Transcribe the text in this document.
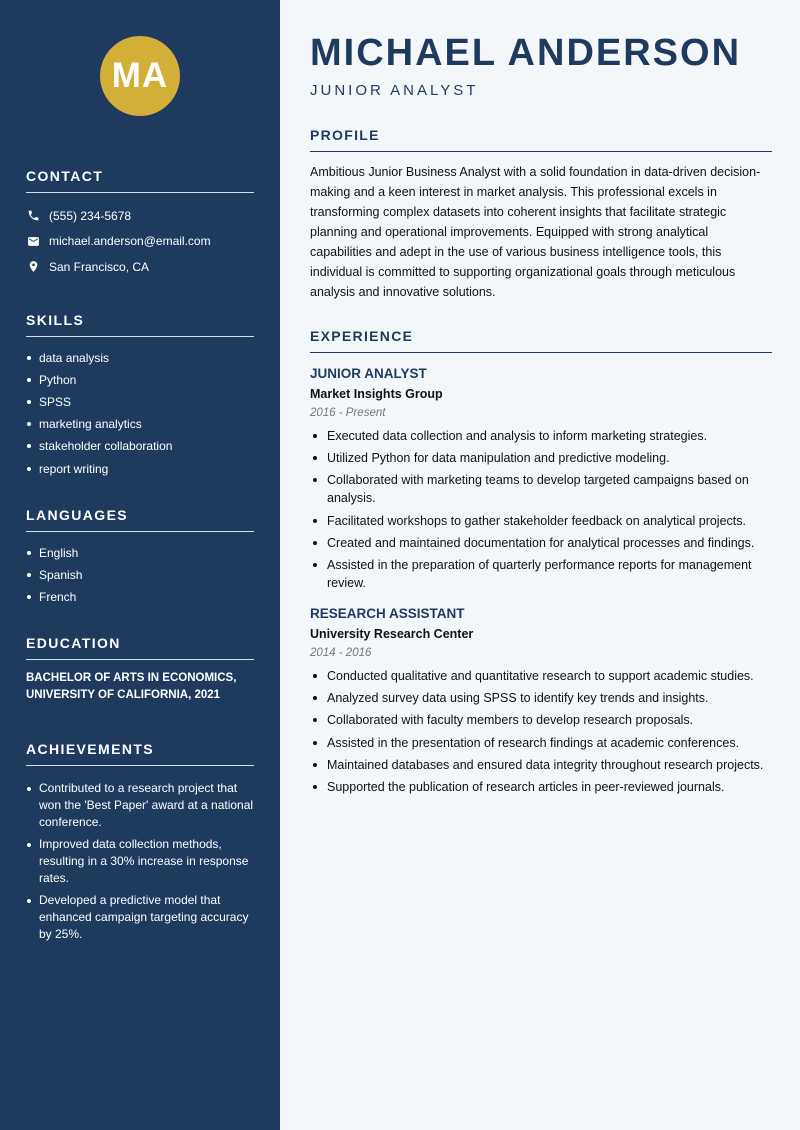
MA
CONTACT
(555) 234-5678
michael.anderson@email.com
San Francisco, CA
SKILLS
data analysis
Python
SPSS
marketing analytics
stakeholder collaboration
report writing
LANGUAGES
English
Spanish
French
EDUCATION
BACHELOR OF ARTS IN ECONOMICS,
UNIVERSITY OF CALIFORNIA, 2021
ACHIEVEMENTS
Contributed to a research project that won the 'Best Paper' award at a national conference.
Improved data collection methods, resulting in a 30% increase in response rates.
Developed a predictive model that enhanced campaign targeting accuracy by 25%.
MICHAEL ANDERSON
JUNIOR ANALYST
PROFILE

Ambitious Junior Business Analyst with a solid foundation in data-driven decision-making and a keen interest in market analysis. This professional excels in transforming complex datasets into coherent insights that facilitate strategic planning and operational improvements. Equipped with strong analytical capabilities and adept in the use of various business intelligence tools, this individual is committed to supporting organizational goals through meticulous analysis and innovative solutions.

EXPERIENCE
JUNIOR ANALYST
Market Insights Group
2016 - Present
Executed data collection and analysis to inform marketing strategies.
Utilized Python for data manipulation and predictive modeling.
Collaborated with marketing teams to develop targeted campaigns based on analysis.
Facilitated workshops to gather stakeholder feedback on analytical projects.
Created and maintained documentation for analytical processes and findings.
Assisted in the preparation of quarterly performance reports for management review.
RESEARCH ASSISTANT
University Research Center
2014 - 2016
Conducted qualitative and quantitative research to support academic studies.
Analyzed survey data using SPSS to identify key trends and insights.
Collaborated with faculty members to develop research proposals.
Assisted in the presentation of research findings at academic conferences.
Maintained databases and ensured data integrity throughout research projects.
Supported the publication of research articles in peer-reviewed journals.
